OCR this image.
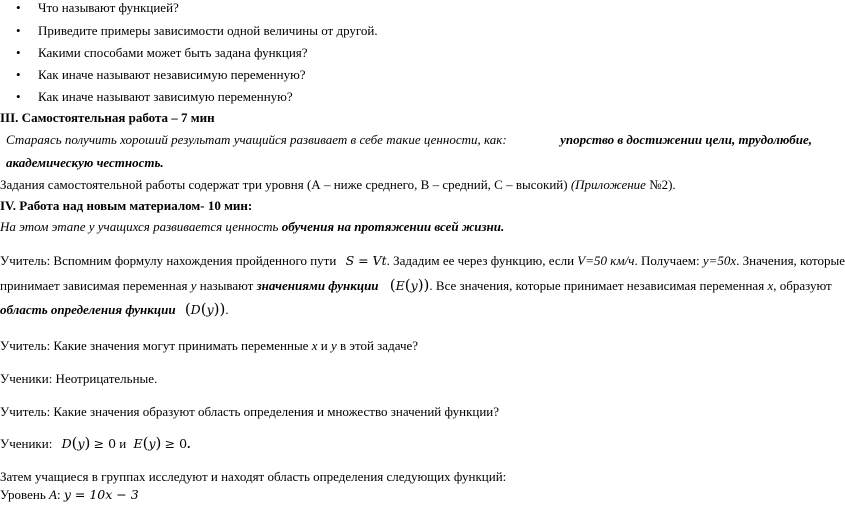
• Что называют функцией?
• Приведите примеры зависимости одной величины от другой.
• Какими способами может быть задана функция?
• Как иначе называют независимую переменную?
• Как иначе называют зависимую переменную?
III. Самостоятельная работа – 7 мин
Стараясь получить хороший результат учащийся развивает в себе такие ценности, как:	упорство в достижении цели, трудолюбие,
академическую честность.
Задания самостоятельной работы содержат три уровня (А – ниже среднего, В – средний, С – высокий) (Приложение №2).
IV. Работа над новым материалом- 10 мин:
На этом этапе у учащихся развивается ценность обучения на протяжении всей жизни.
Учитель: Вспомним формулу нахождения пройденного пути S = Vt. Зададим ее через функцию, если V=50 км/ч. Получаем: y=50x. Значения, которые
принимает зависимая переменная y называют значениями функции (E(y)). Все значения, которые принимает независимая переменная x, образуют
область определения функции (D(y)).
Учитель: Какие значения могут принимать переменные x и y в этой задаче?
Ученики: Неотрицательные.
Учитель: Какие значения образуют область определения и множество значений функции?
Ученики: D(y) ≥ 0 и E(y) ≥ 0.
Затем учащиеся в группах исследуют и находят область определения следующих функций:
Уровень А: y = 10x − 3
